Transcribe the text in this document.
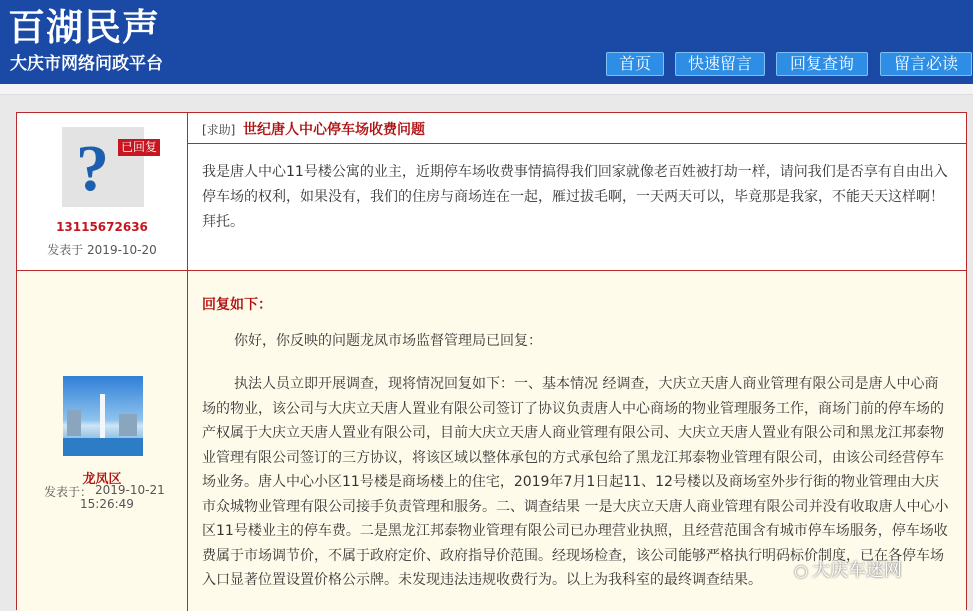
百湖民声
大庆市网络问政平台	首页	快速留言	回复查询	留言必读
?	已回复
13115672636
发表于 2019-10-20
[求助] 世纪唐人中心停车场收费问题

我是唐人中心11号楼公寓的业主，近期停车场收费事情搞得我们回家就像老百姓被打劫一样，请问我们是否享有自由出入停车场的权利，如果没有，我们的住房与商场连在一起，雁过拔毛啊，一天两天可以，毕竟那是我家，不能天天这样啊！拜托。

龙凤区
发表于： 2019-10-21
15:26:49
回复如下：
你好，你反映的问题龙凤市场监督管理局已回复：

执法人员立即开展调查，现将情况回复如下：一、基本情况 经调查，大庆立天唐人商业管理有限公司是唐人中心商场的物业，该公司与大庆立天唐人置业有限公司签订了协议负责唐人中心商场的物业管理服务工作，商场门前的停车场的产权属于大庆立天唐人置业有限公司，目前大庆立天唐人商业管理有限公司、大庆立天唐人置业有限公司和黑龙江邦泰物业管理有限公司签订的三方协议，将该区域以整体承包的方式承包给了黑龙江邦泰物业管理有限公司，由该公司经营停车场业务。唐人中心小区11号楼是商场楼上的住宅，2019年7月1日起11、12号楼以及商场室外步行街的物业管理由大庆市众城物业管理有限公司接手负责管理和服务。二、调查结果 一是大庆立天唐人商业管理有限公司并没有收取唐人中心小区11号楼业主的停车费。二是黑龙江邦泰物业管理有限公司已办理营业执照，且经营范围含有城市停车场服务，停车场收费属于市场调节价，不属于政府定价、政府指导价范围。经现场检查，该公司能够严格执行明码标价制度，已在各停车场入口显著位置设置价格公示牌。未发现违法违规收费行为。以上为我科室的最终调查结果。	○ 大庆车迷网
